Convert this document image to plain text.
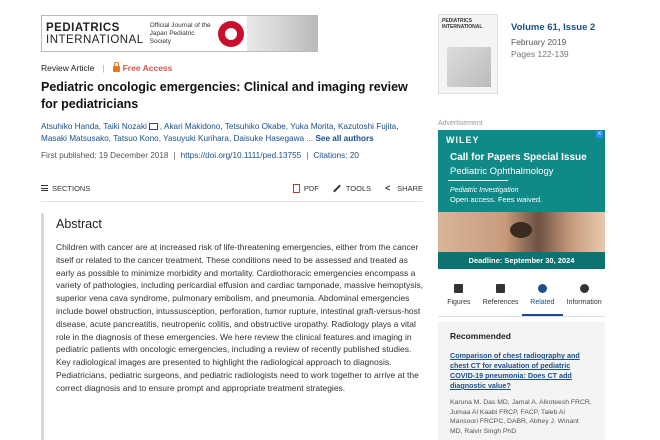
PEDIATRICS
INTERNATIONAL
Official Journal of the Japan Pediatric Society
Review Article | Free Access
Pediatric oncologic emergencies: Clinical and imaging review for pediatricians
Atsuhiko Handa, Taiki Nozaki , Akari Makidono, Tetsuhiko Okabe, Yuka Morita, Kazutoshi Fujita,
Masaki Matsusako, Tatsuo Kono, Yasuyuki Kurihara, Daisuke Hasegawa ... See all authors
First published: 19 December 2018 | https://doi.org/10.1111/ped.13755 | Citations: 20
SECTIONS	PDF	TOOLS <	SHARE
Abstract

Children with cancer are at increased risk of life-threatening emergencies, either from the cancer itself or related to the cancer treatment. These conditions need to be assessed and treated as early as possible to minimize morbidity and mortality. Cardiothoracic emergencies encompass a variety of pathologies, including pericardial effusion and cardiac tamponade, massive hemoptysis, superior vena cava syndrome, pulmonary embolism, and pneumonia. Abdominal emergencies include bowel obstruction, intussusception, perforation, tumor rupture, intestinal graft-versus-host disease, acute pancreatitis, neutropenic colitis, and obstructive uropathy. Radiology plays a vital role in the diagnosis of these emergencies. We here review the clinical features and imaging in pediatric patients with oncologic emergencies, including a review of recently published studies. Key radiological images are presented to highlight the radiological approach to diagnosis. Pediatricians, pediatric surgeons, and pediatric radiologists need to work together to arrive at the correct diagnosis and to ensure prompt and appropriate treatment strategies.

PEDIATRICS INTERNATIONAL	Volume 61, Issue 2
February 2019
Pages 122-139
Advertisement
WILEY
x
Call for Papers Special Issue
Pediatric Ophthalmology
Pediatric Investigation
Open access. Fees waived.
Deadline: September 30, 2024
Figures References Related Information
Recommended
Comparison of chest radiography and chest CT for evaluation of pediatric COVID-19 pneumonia: Does CT add diagnostic value?
Karuna M. Das MD, Jamal A. Alkoteesh FRCR, Jumaa Al Kaabi FRCP, FACP, Taleb Al Mansoori FRCPC, DABR, Abhey J. Winant MD, Raivir Singh PhD
